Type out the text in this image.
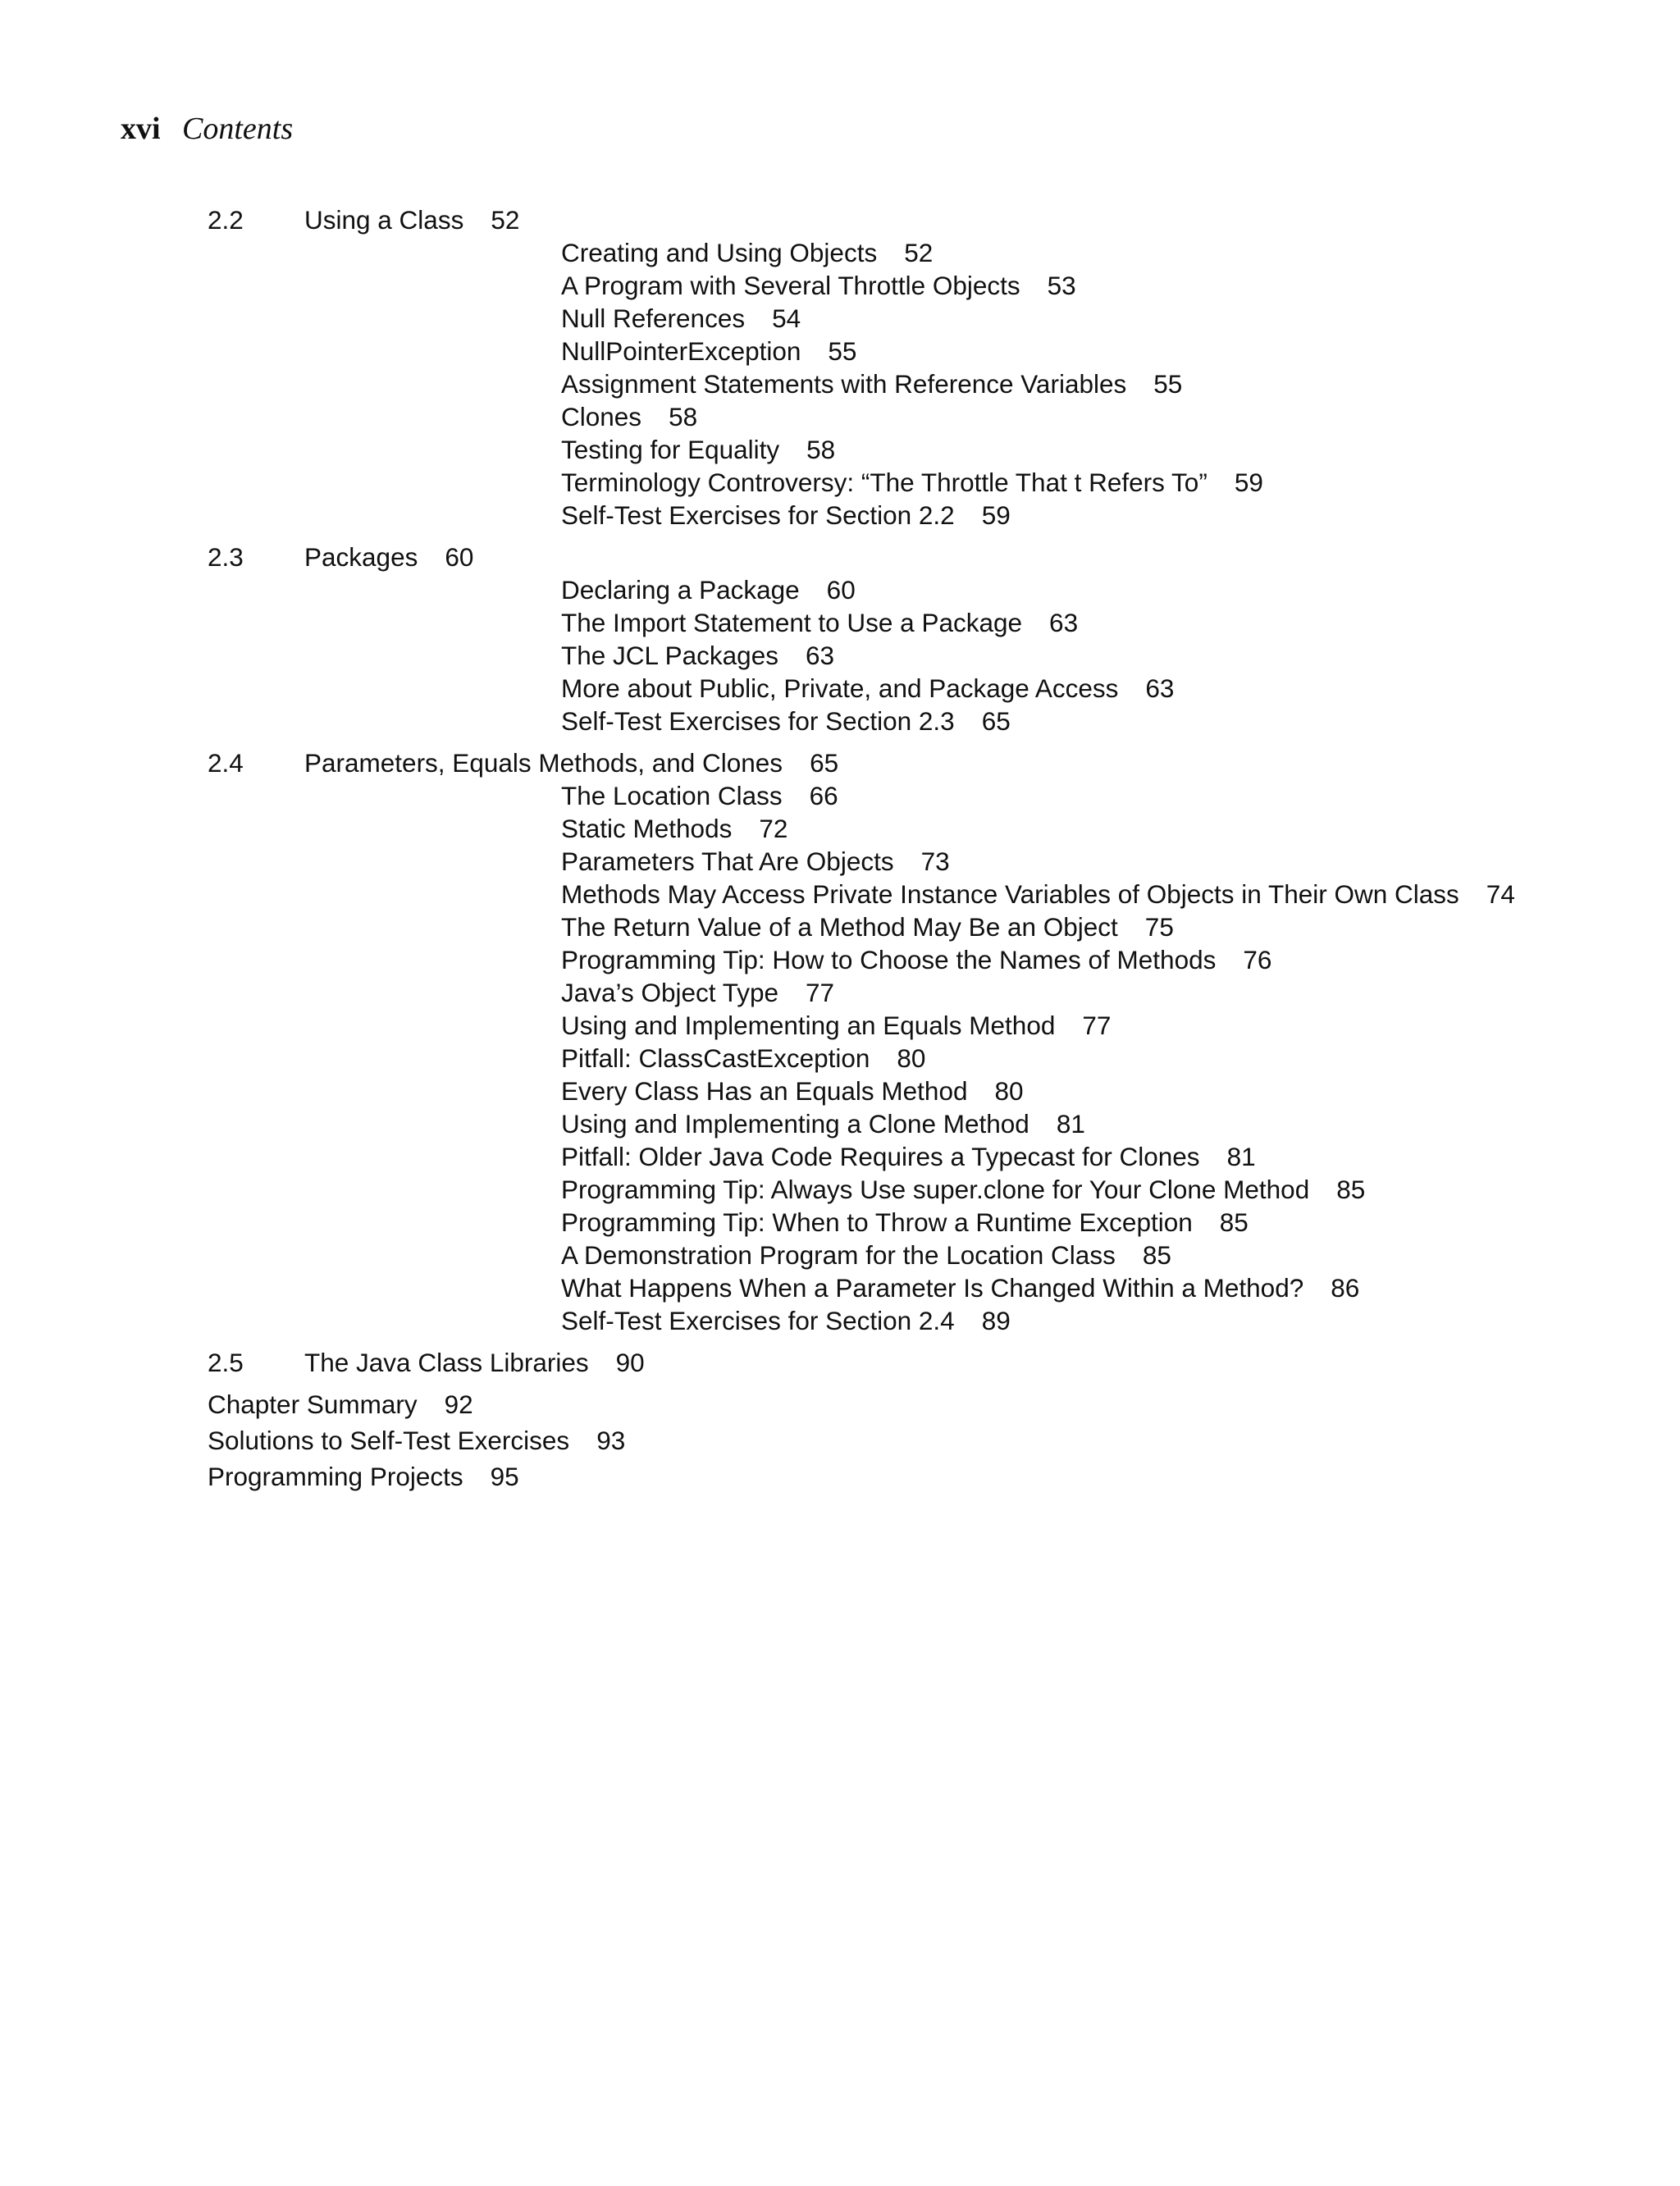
xvi Contents
2.2 Using a Class 52
Creating and Using Objects 52
A Program with Several Throttle Objects 53
Null References 54
NullPointerException 55
Assignment Statements with Reference Variables 55
Clones 58
Testing for Equality 58
Terminology Controversy: “The Throttle That t Refers To” 59
Self-Test Exercises for Section 2.2 59
2.3 Packages 60
Declaring a Package 60
The Import Statement to Use a Package 63
The JCL Packages 63
More about Public, Private, and Package Access 63
Self-Test Exercises for Section 2.3 65
2.4 Parameters, Equals Methods, and Clones 65
The Location Class 66
Static Methods 72
Parameters That Are Objects 73
Methods May Access Private Instance Variables of Objects in Their Own Class 74
The Return Value of a Method May Be an Object 75
Programming Tip: How to Choose the Names of Methods 76
Java’s Object Type 77
Using and Implementing an Equals Method 77
Pitfall: ClassCastException 80
Every Class Has an Equals Method 80
Using and Implementing a Clone Method 81
Pitfall: Older Java Code Requires a Typecast for Clones 81
Programming Tip: Always Use super.clone for Your Clone Method 85
Programming Tip: When to Throw a Runtime Exception 85
A Demonstration Program for the Location Class 85
What Happens When a Parameter Is Changed Within a Method? 86
Self-Test Exercises for Section 2.4 89
2.5 The Java Class Libraries 90
Chapter Summary 92
Solutions to Self-Test Exercises 93
Programming Projects 95
